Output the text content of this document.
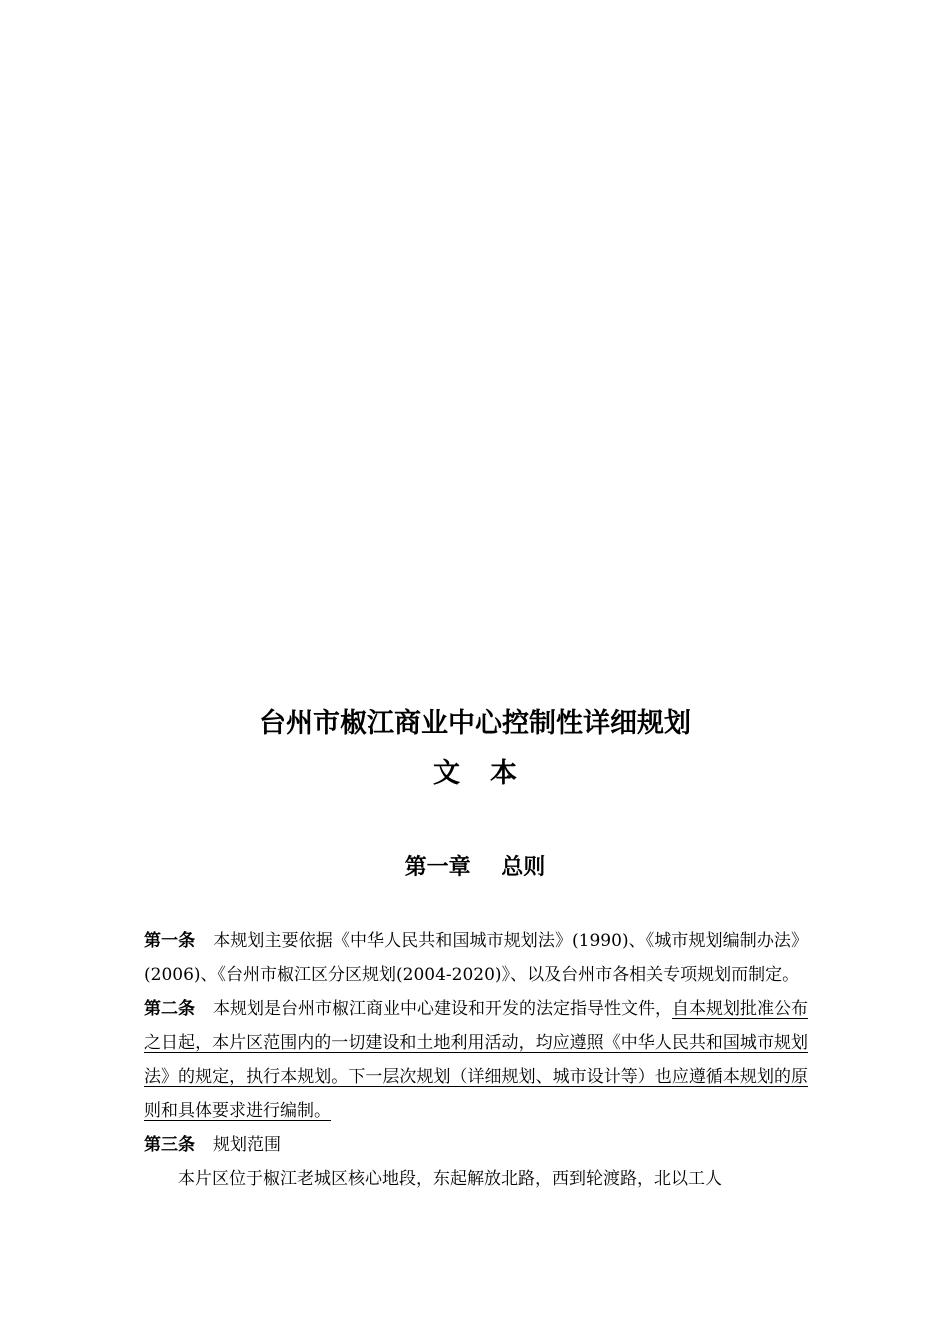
台州市椒江商业中心控制性详细规划
文本
第一章    总则

第一条 本规划主要依据《中华人民共和国城市规划法》(1990)、《城市规划编制办法》(2006)、《台州市椒江区分区规划(2004-2020)》、以及台州市各相关专项规划而制定。

第二条 本规划是台州市椒江商业中心建设和开发的法定指导性文件，自本规划批准公布之日起，本片区范围内的一切建设和土地利用活动，均应遵照《中华人民共和国城市规划法》的规定，执行本规划。下一层次规划（详细规划、城市设计等）也应遵循本规划的原则和具体要求进行编制。

第三条 规划范围

本片区位于椒江老城区核心地段，东起解放北路，西到轮渡路，北以工人
